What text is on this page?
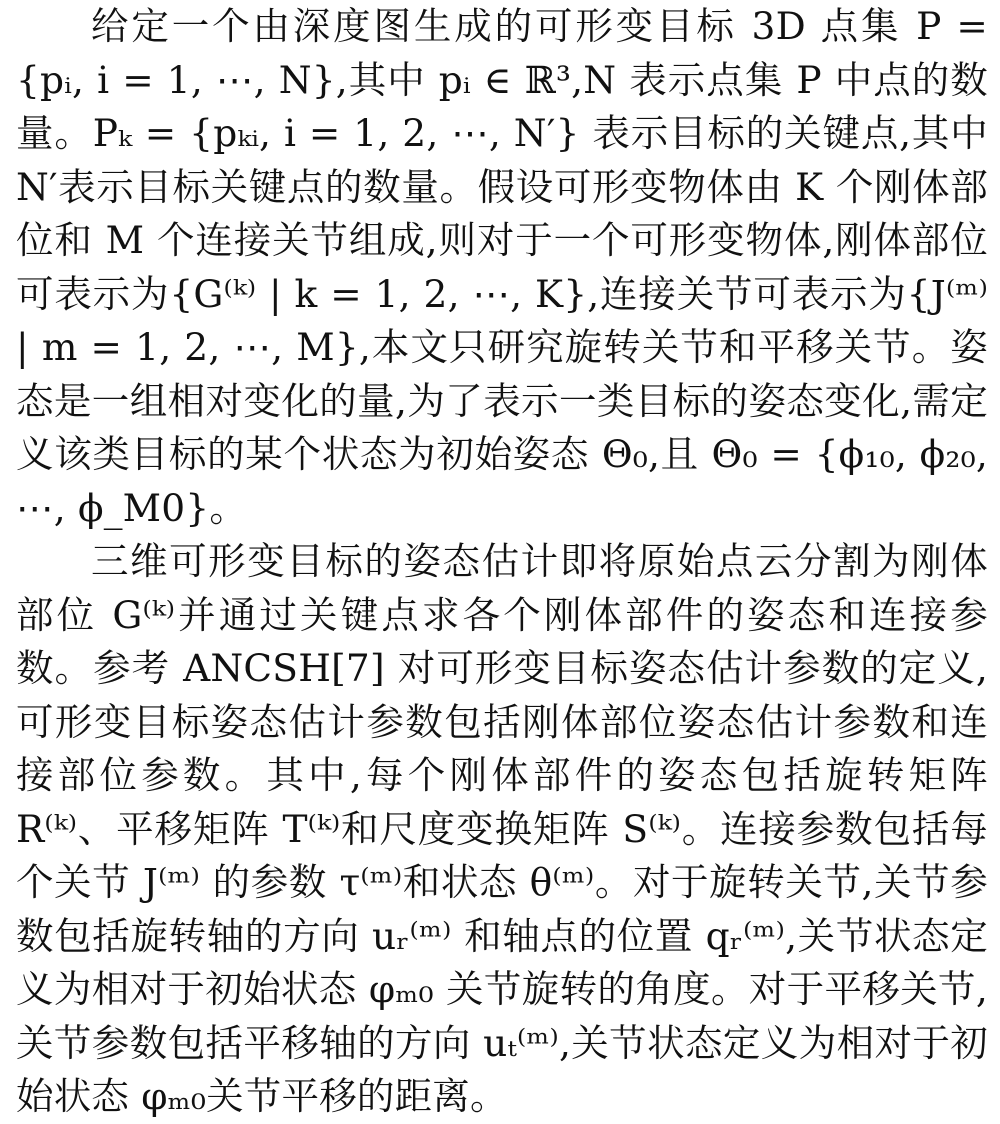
给定一个由深度图生成的可形变目标 3D 点集 P = {pᵢ, i = 1, ⋯, N},其中 pᵢ ∈ ℝ³,N 表示点集 P 中点的数量。Pₖ = {pₖᵢ, i = 1, 2, ⋯, N′} 表示目标的关键点,其中 N′表示目标关键点的数量。假设可形变物体由 K 个刚体部位和 M 个连接关节组成,则对于一个可形变物体,刚体部位可表示为{G⁽ᵏ⁾ | k = 1, 2, ⋯, K},连接关节可表示为{J⁽ᵐ⁾ | m = 1, 2, ⋯, M},本文只研究旋转关节和平移关节。姿态是一组相对变化的量,为了表示一类目标的姿态变化,需定义该类目标的某个状态为初始姿态 Θ₀,且 Θ₀ = {ϕ₁₀, ϕ₂₀, ⋯, ϕ_M0}。

三维可形变目标的姿态估计即将原始点云分割为刚体部位 G⁽ᵏ⁾并通过关键点求各个刚体部件的姿态和连接参数。参考 ANCSH[7] 对可形变目标姿态估计参数的定义,可形变目标姿态估计参数包括刚体部位姿态估计参数和连接部位参数。其中,每个刚体部件的姿态包括旋转矩阵 R⁽ᵏ⁾、平移矩阵 T⁽ᵏ⁾和尺度变换矩阵 S⁽ᵏ⁾。连接参数包括每个关节 J⁽ᵐ⁾ 的参数 τ⁽ᵐ⁾和状态 θ⁽ᵐ⁾。对于旋转关节,关节参数包括旋转轴的方向 uᵣ⁽ᵐ⁾ 和轴点的位置 qᵣ⁽ᵐ⁾,关节状态定义为相对于初始状态 φₘ₀ 关节旋转的角度。对于平移关节,关节参数包括平移轴的方向 uₜ⁽ᵐ⁾,关节状态定义为相对于初始状态 φₘ₀关节平移的距离。
